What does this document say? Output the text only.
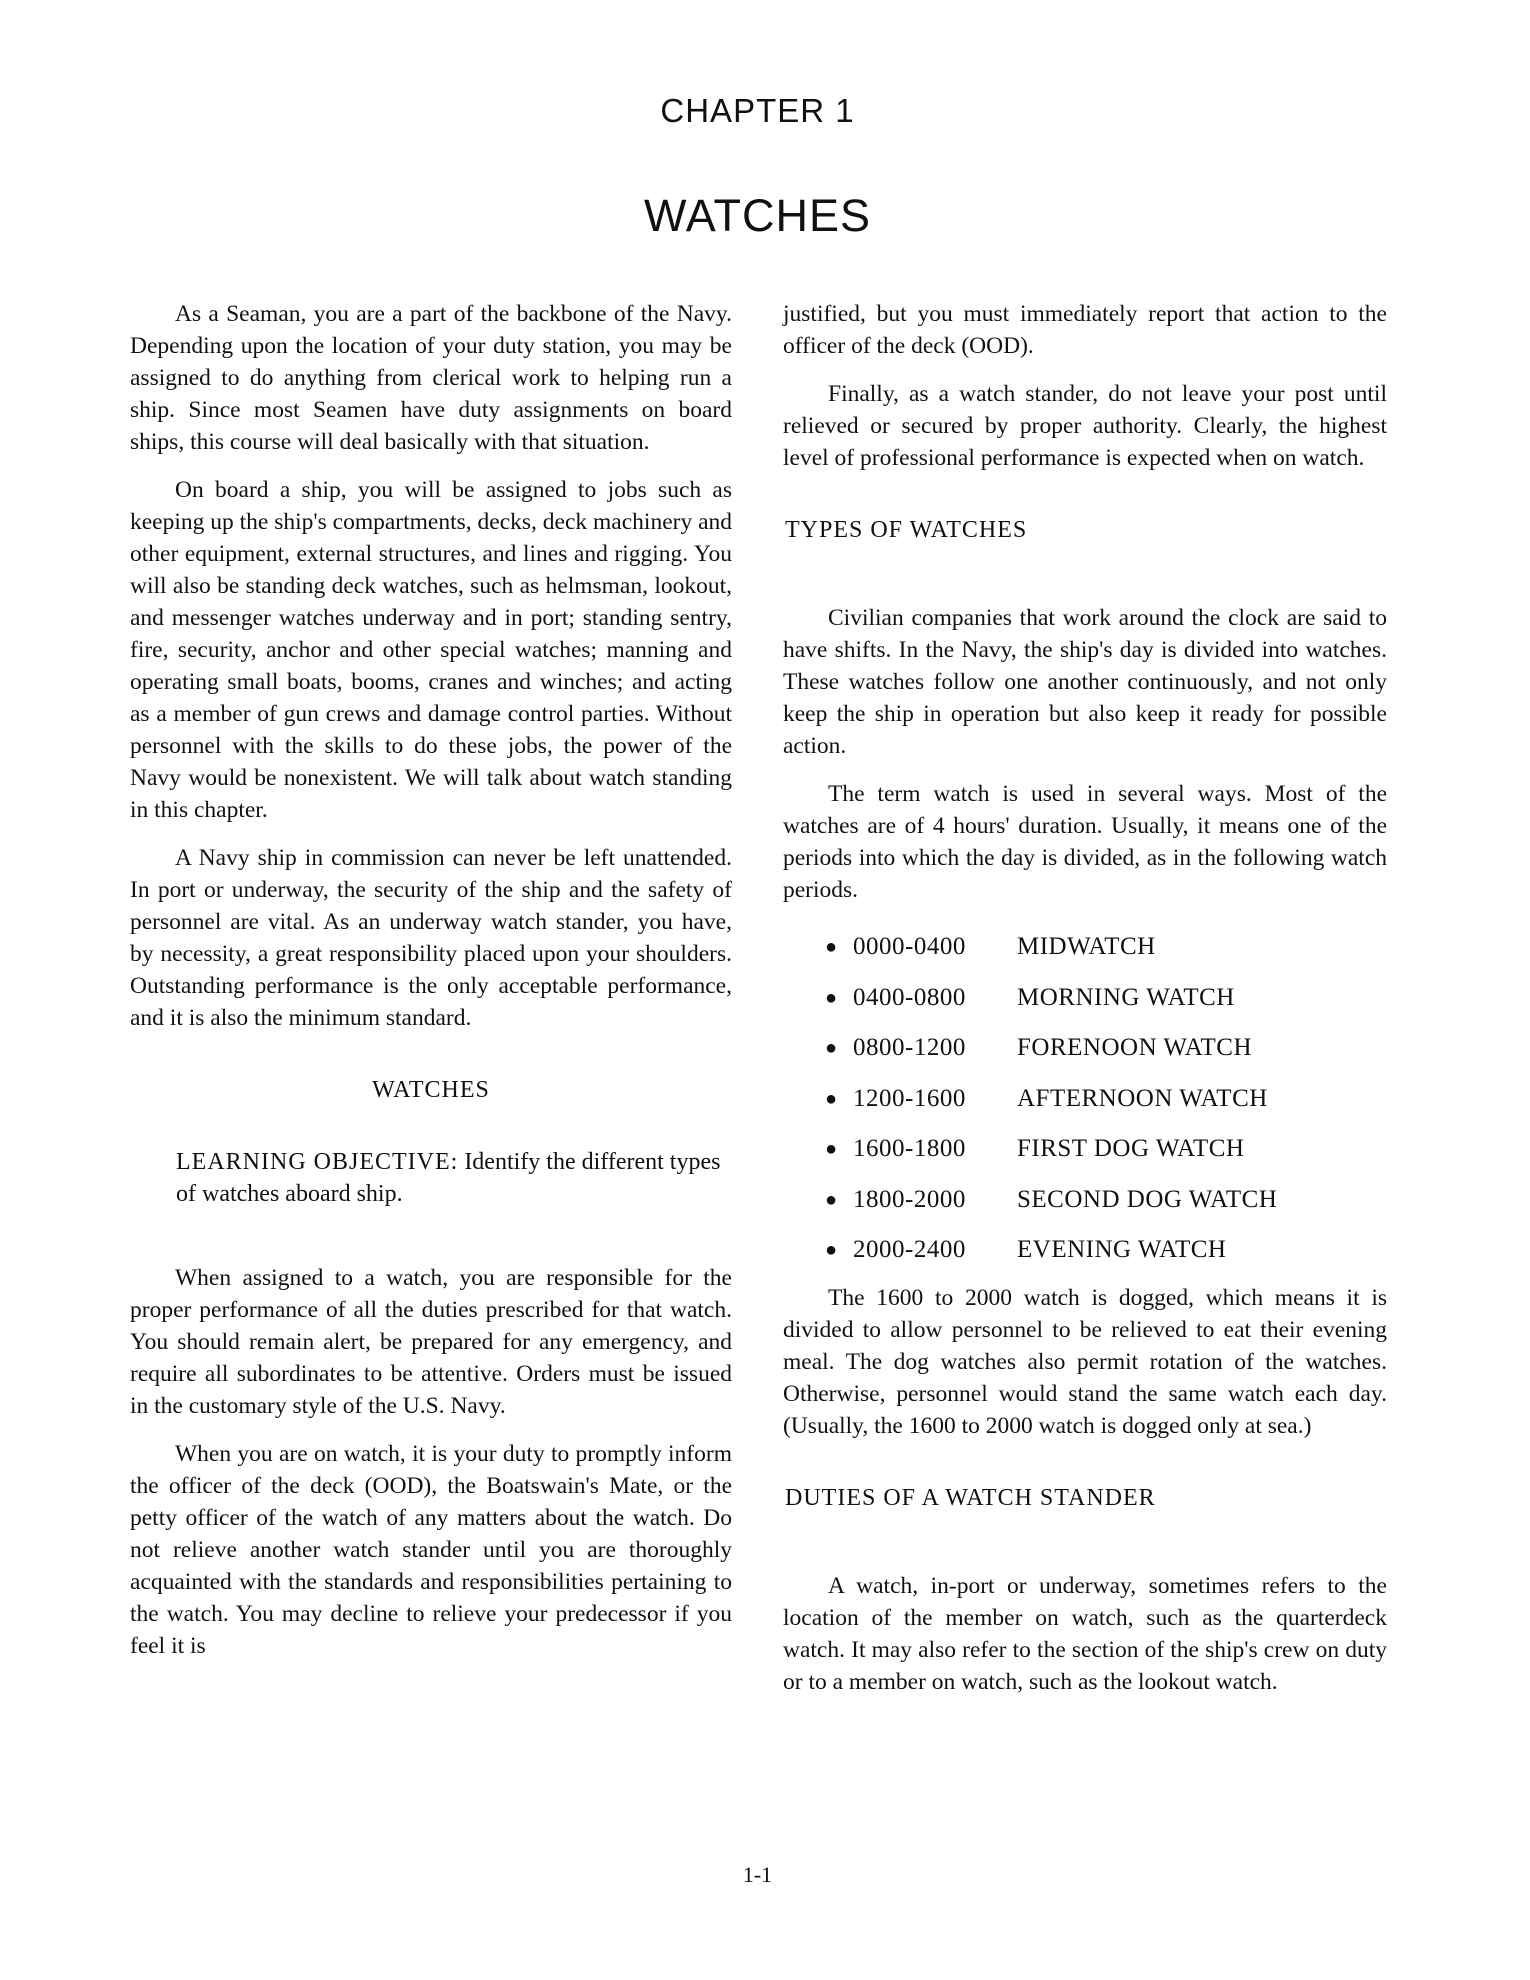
CHAPTER 1
WATCHES

As a Seaman, you are a part of the backbone of the Navy. Depending upon the location of your duty station, you may be assigned to do anything from clerical work to helping run a ship. Since most Seamen have duty assignments on board ships, this course will deal basically with that situation.

On board a ship, you will be assigned to jobs such as keeping up the ship's compartments, decks, deck machinery and other equipment, external structures, and lines and rigging. You will also be standing deck watches, such as helmsman, lookout, and messenger watches underway and in port; standing sentry, fire, security, anchor and other special watches; manning and operating small boats, booms, cranes and winches; and acting as a member of gun crews and damage control parties. Without personnel with the skills to do these jobs, the power of the Navy would be nonexistent. We will talk about watch standing in this chapter.

A Navy ship in commission can never be left unattended. In port or underway, the security of the ship and the safety of personnel are vital. As an underway watch stander, you have, by necessity, a great responsibility placed upon your shoulders. Outstanding performance is the only acceptable performance, and it is also the minimum standard.

WATCHES
LEARNING OBJECTIVE: Identify the different types of watches aboard ship.

When assigned to a watch, you are responsible for the proper performance of all the duties prescribed for that watch. You should remain alert, be prepared for any emergency, and require all subordinates to be attentive. Orders must be issued in the customary style of the U.S. Navy.

When you are on watch, it is your duty to promptly inform the officer of the deck (OOD), the Boatswain's Mate, or the petty officer of the watch of any matters about the watch. Do not relieve another watch stander until you are thoroughly acquainted with the standards and responsibilities pertaining to the watch. You may decline to relieve your predecessor if you feel it is

justified, but you must immediately report that action to the officer of the deck (OOD).

Finally, as a watch stander, do not leave your post until relieved or secured by proper authority. Clearly, the highest level of professional performance is expected when on watch.

TYPES OF WATCHES

Civilian companies that work around the clock are said to have shifts. In the Navy, the ship's day is divided into watches. These watches follow one another continuously, and not only keep the ship in operation but also keep it ready for possible action.

The term watch is used in several ways. Most of the watches are of 4 hours' duration. Usually, it means one of the periods into which the day is divided, as in the following watch periods.

● 0000-0400	MIDWATCH
● 0400-0800	MORNING WATCH
● 0800-1200	FORENOON WATCH
● 1200-1600	AFTERNOON WATCH
● 1600-1800	FIRST DOG WATCH
● 1800-2000	SECOND DOG WATCH
● 2000-2400	EVENING WATCH

The 1600 to 2000 watch is dogged, which means it is divided to allow personnel to be relieved to eat their evening meal. The dog watches also permit rotation of the watches. Otherwise, personnel would stand the same watch each day. (Usually, the 1600 to 2000 watch is dogged only at sea.)

DUTIES OF A WATCH STANDER

A watch, in-port or underway, sometimes refers to the location of the member on watch, such as the quarterdeck watch. It may also refer to the section of the ship's crew on duty or to a member on watch, such as the lookout watch.

1-1
